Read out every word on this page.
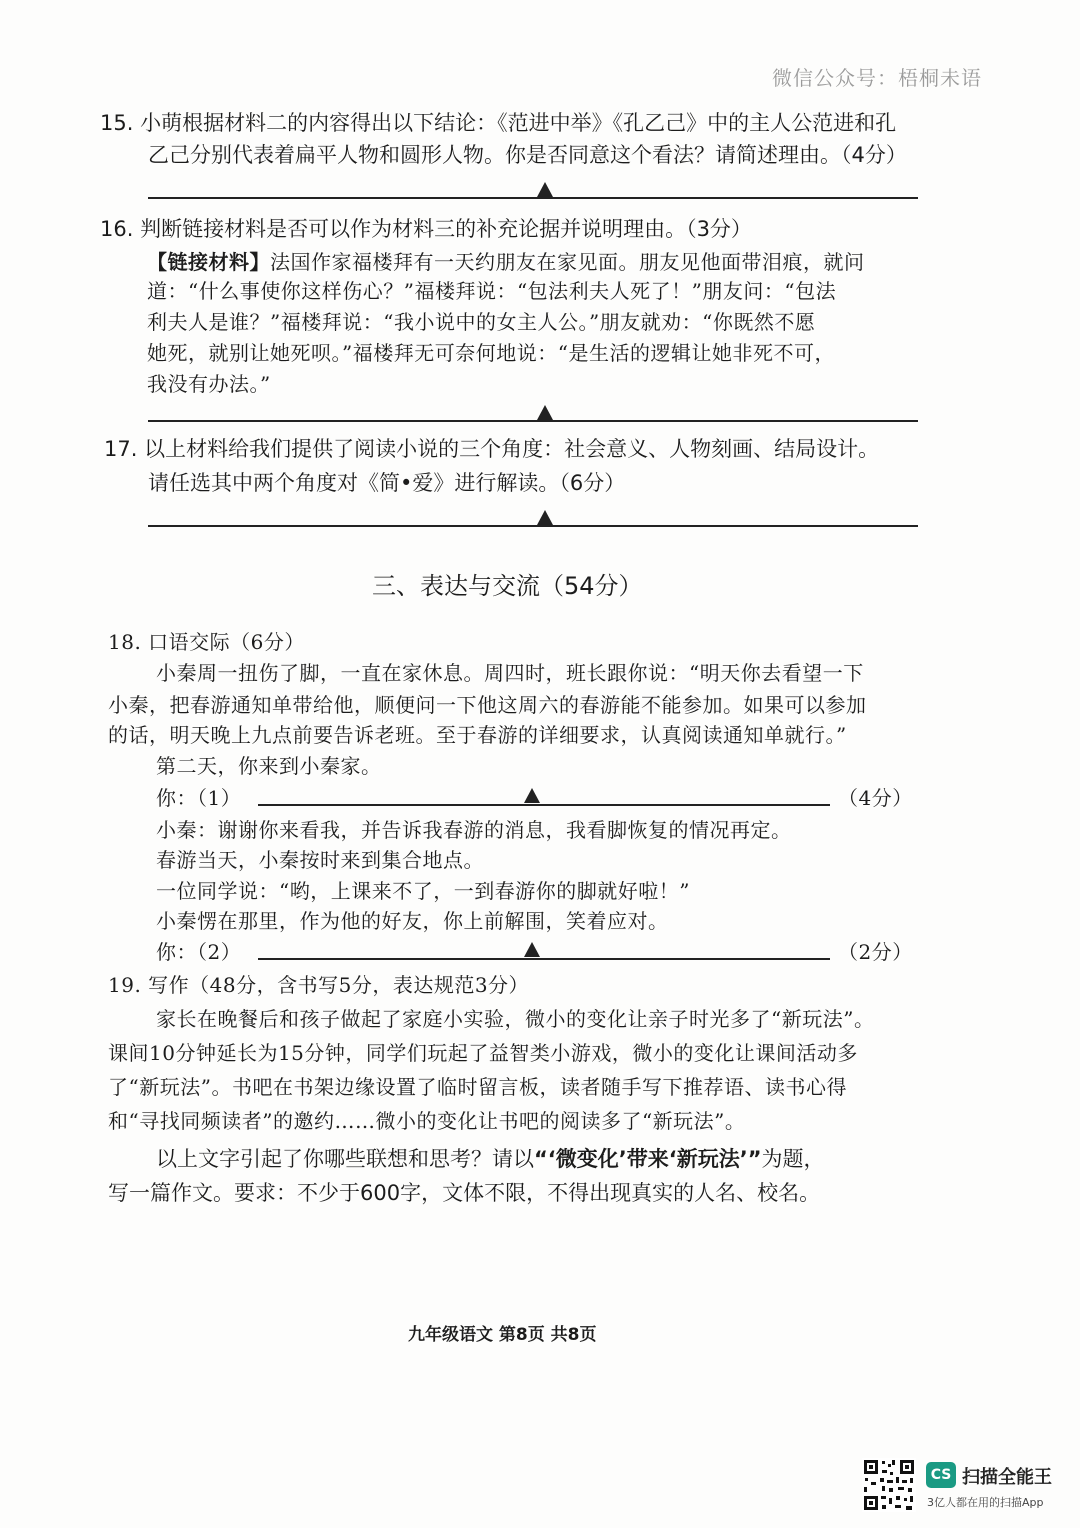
微信公众号：梧桐未语
15. 小萌根据材料二的内容得出以下结论：《范进中举》《孔乙己》中的主人公范进和孔
乙己分别代表着扁平人物和圆形人物。你是否同意这个看法？请简述理由。（4分）
16. 判断链接材料是否可以作为材料三的补充论据并说明理由。（3分）
【链接材料】法国作家福楼拜有一天约朋友在家见面。朋友见他面带泪痕，就问
道：“什么事使你这样伤心？”福楼拜说：“包法利夫人死了！”朋友问：“包法
利夫人是谁？”福楼拜说：“我小说中的女主人公。”朋友就劝：“你既然不愿
她死，就别让她死呗。”福楼拜无可奈何地说：“是生活的逻辑让她非死不可，
我没有办法。”
17. 以上材料给我们提供了阅读小说的三个角度：社会意义、人物刻画、结局设计。
请任选其中两个角度对《简•爱》进行解读。（6分）
三、表达与交流（54分）
18. 口语交际（6分）
小秦周一扭伤了脚，一直在家休息。周四时，班长跟你说：“明天你去看望一下
小秦，把春游通知单带给他，顺便问一下他这周六的春游能不能参加。如果可以参加
的话，明天晚上九点前要告诉老班。至于春游的详细要求，认真阅读通知单就行。”
第二天，你来到小秦家。
你：（1）	（4分）
小秦：谢谢你来看我，并告诉我春游的消息，我看脚恢复的情况再定。
春游当天，小秦按时来到集合地点。
一位同学说：“哟，上课来不了，一到春游你的脚就好啦！”
小秦愣在那里，作为他的好友，你上前解围，笑着应对。
你：（2）	（2分）
19. 写作（48分，含书写5分，表达规范3分）
家长在晚餐后和孩子做起了家庭小实验，微小的变化让亲子时光多了“新玩法”。
课间10分钟延长为15分钟，同学们玩起了益智类小游戏，微小的变化让课间活动多
了“新玩法”。书吧在书架边缘设置了临时留言板，读者随手写下推荐语、读书心得
和“寻找同频读者”的邀约……微小的变化让书吧的阅读多了“新玩法”。
以上文字引起了你哪些联想和思考？请以“‘微变化’带来‘新玩法’”为题，
写一篇作文。要求：不少于600字，文体不限，不得出现真实的人名、校名。
九年级语文 第8页 共8页
CS 扫描全能王
3亿人都在用的扫描App
